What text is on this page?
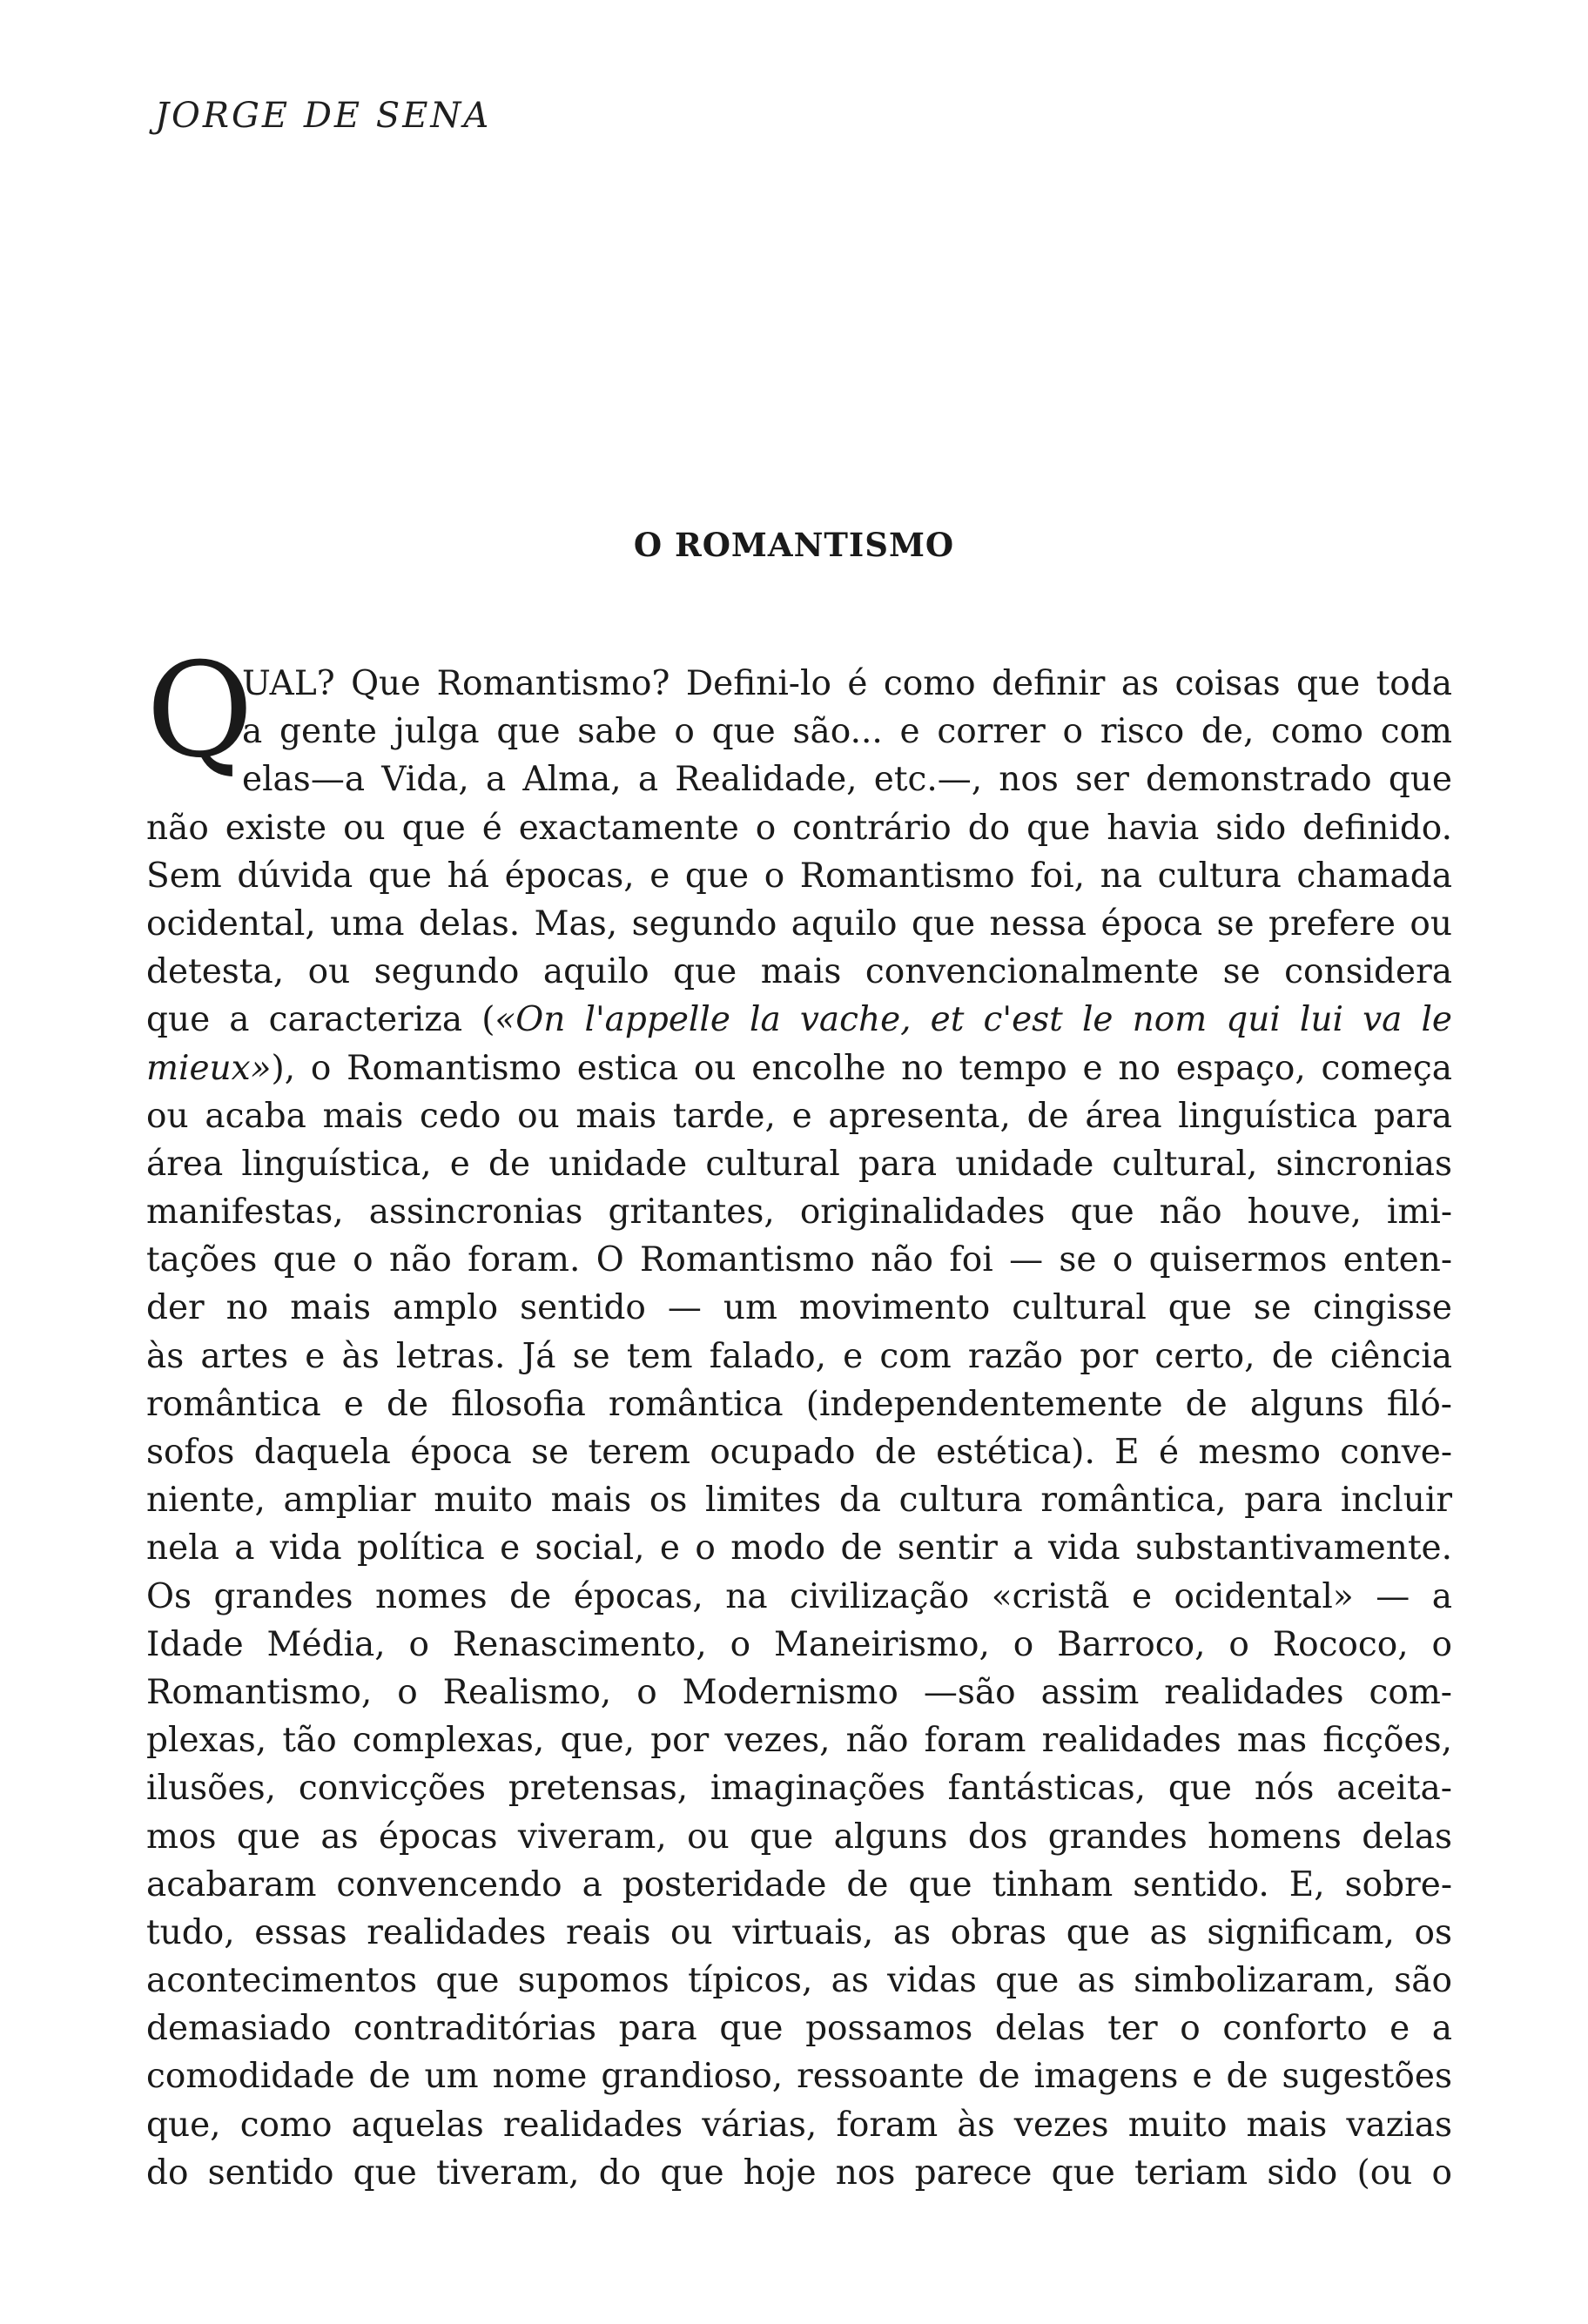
JORGE DE SENA
O ROMANTISMO
Q
UAL? Que Romantismo? Defini-lo é como definir as coisas que toda
a gente julga que sabe o que são... e correr o risco de, como com
elas—a Vida, a Alma, a Realidade, etc.—, nos ser demonstrado que
não existe ou que é exactamente o contrário do que havia sido definido.
Sem dúvida que há épocas, e que o Romantismo foi, na cultura chamada
ocidental, uma delas. Mas, segundo aquilo que nessa época se prefere ou
detesta, ou segundo aquilo que mais convencionalmente se considera
que a caracteriza («On l'appelle la vache, et c'est le nom qui lui va le
mieux»), o Romantismo estica ou encolhe no tempo e no espaço, começa
ou acaba mais cedo ou mais tarde, e apresenta, de área linguística para
área linguística, e de unidade cultural para unidade cultural, sincronias
manifestas, assincronias gritantes, originalidades que não houve, imi-
tações que o não foram. O Romantismo não foi — se o quisermos enten-
der no mais amplo sentido — um movimento cultural que se cingisse
às artes e às letras. Já se tem falado, e com razão por certo, de ciência
romântica e de filosofia romântica (independentemente de alguns filó-
sofos daquela época se terem ocupado de estética). E é mesmo conve-
niente, ampliar muito mais os limites da cultura romântica, para incluir
nela a vida política e social, e o modo de sentir a vida substantivamente.
Os grandes nomes de épocas, na civilização «cristã e ocidental» — a
Idade Média, o Renascimento, o Maneirismo, o Barroco, o Rococo, o
Romantismo, o Realismo, o Modernismo —são assim realidades com-
plexas, tão complexas, que, por vezes, não foram realidades mas ficções,
ilusões, convicções pretensas, imaginações fantásticas, que nós aceita-
mos que as épocas viveram, ou que alguns dos grandes homens delas
acabaram convencendo a posteridade de que tinham sentido. E, sobre-
tudo, essas realidades reais ou virtuais, as obras que as significam, os
acontecimentos que supomos típicos, as vidas que as simbolizaram, são
demasiado contraditórias para que possamos delas ter o conforto e a
comodidade de um nome grandioso, ressoante de imagens e de sugestões
que, como aquelas realidades várias, foram às vezes muito mais vazias
do sentido que tiveram, do que hoje nos parece que teriam sido (ou o
